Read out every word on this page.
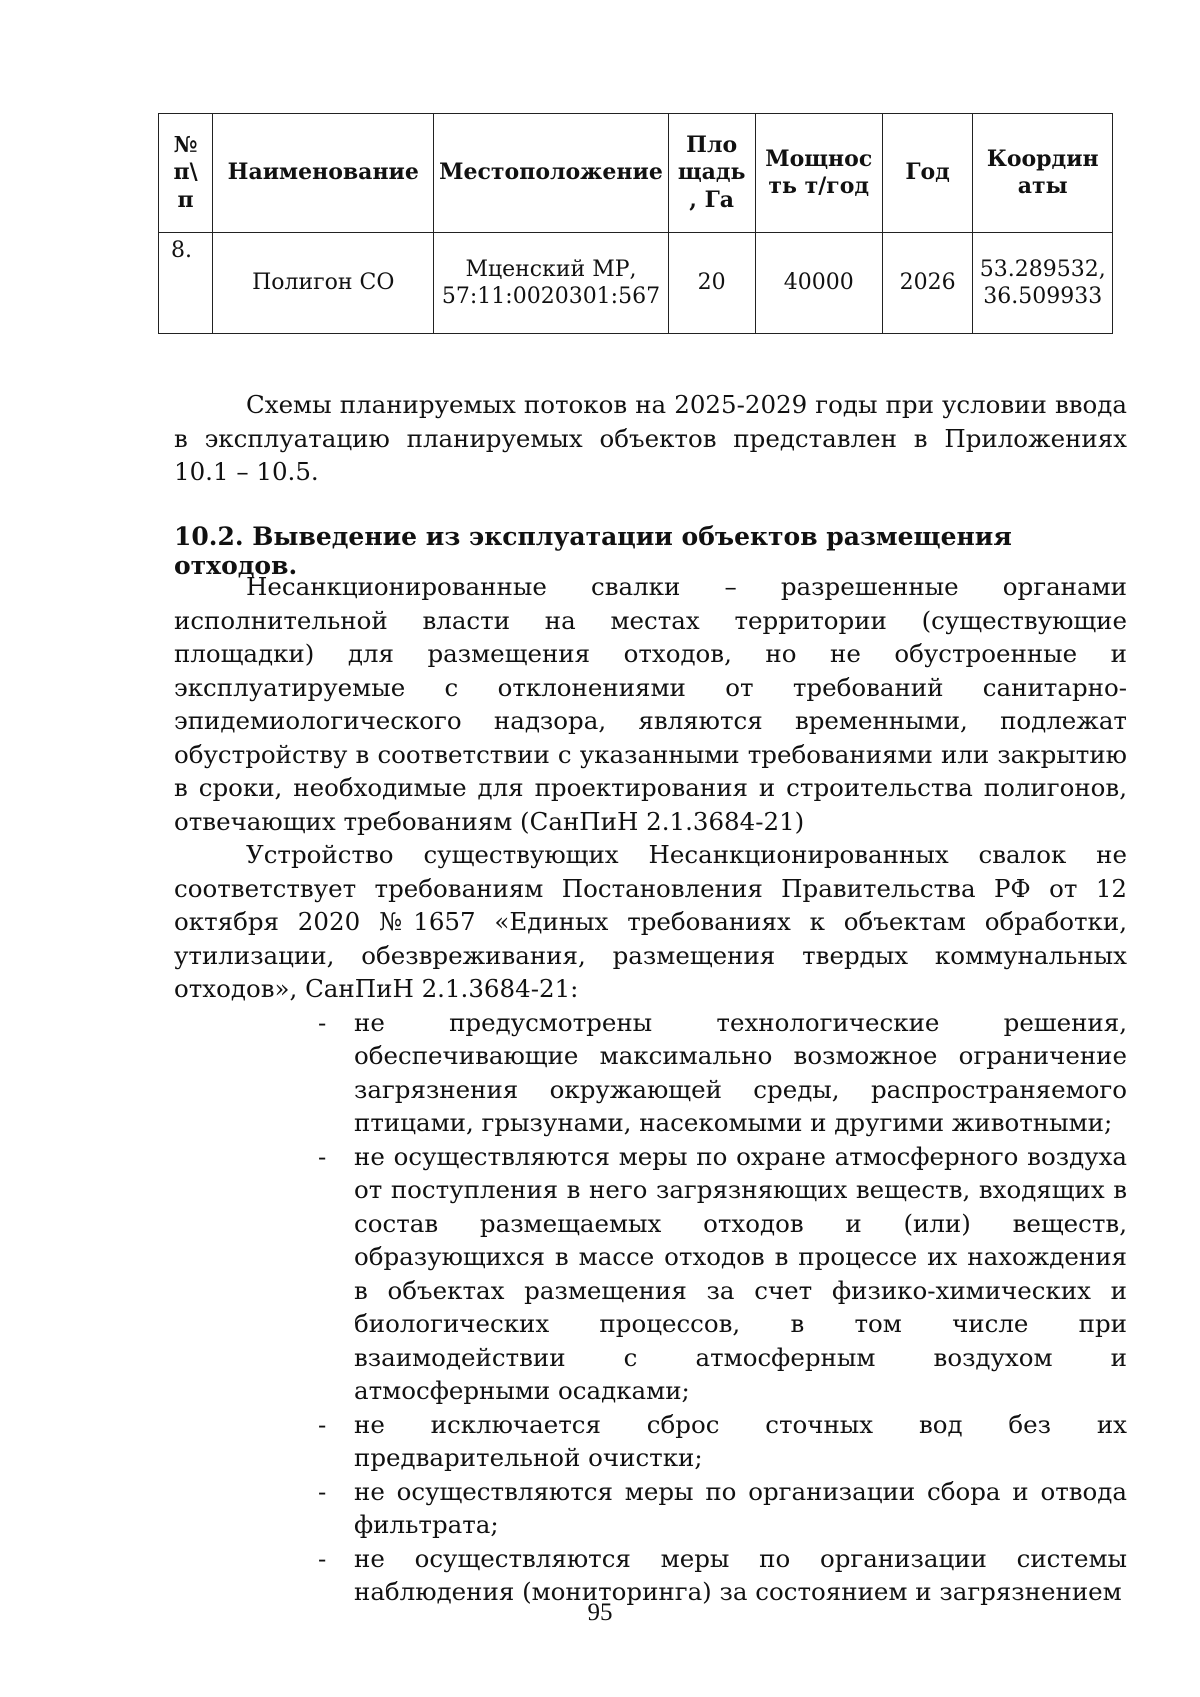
№ п\ п	Наименование	Местоположение	Пло щадь , Га	Мощнос ть т/год	Год	Координ аты
8.	Полигон СО	Мценский МР, 57:11:0020301:567	20	40000	2026	53.289532, 36.509933

Схемы планируемых потоков на 2025-2029 годы при условии ввода в эксплуатацию планируемых объектов представлен в Приложениях 10.1 – 10.5.

10.2. Выведение из эксплуатации объектов размещения отходов.

Несанкционированные свалки – разрешенные органами исполнительной власти на местах территории (существующие площадки) для размещения отходов, но не обустроенные и эксплуатируемые с отклонениями от требований санитарно-эпидемиологического надзора, являются временными, подлежат обустройству в соответствии с указанными требованиями или закрытию в сроки, необходимые для проектирования и строительства полигонов, отвечающих требованиям (СанПиН 2.1.3684-21)

Устройство существующих Несанкционированных свалок не соответствует требованиям Постановления Правительства РФ от 12 октября 2020 №1657 «Единых требованиях к объектам обработки, утилизации, обезвреживания, размещения твердых коммунальных отходов», СанПиН 2.1.3684-21:

- не предусмотрены технологические решения, обеспечивающие максимально возможное ограничение загрязнения окружающей среды, распространяемого птицами, грызунами, насекомыми и другими животными;
- не осуществляются меры по охране атмосферного воздуха от поступления в него загрязняющих веществ, входящих в состав размещаемых отходов и (или) веществ, образующихся в массе отходов в процессе их нахождения в объектах размещения за счет физико-химических и биологических процессов, в том числе при взаимодействии с атмосферным воздухом и атмосферными осадками;
- не исключается сброс сточных вод без их предварительной очистки;
- не осуществляются меры по организации сбора и отвода фильтрата;
- не осуществляются меры по организации системы наблюдения (мониторинга) за состоянием и загрязнением
95
